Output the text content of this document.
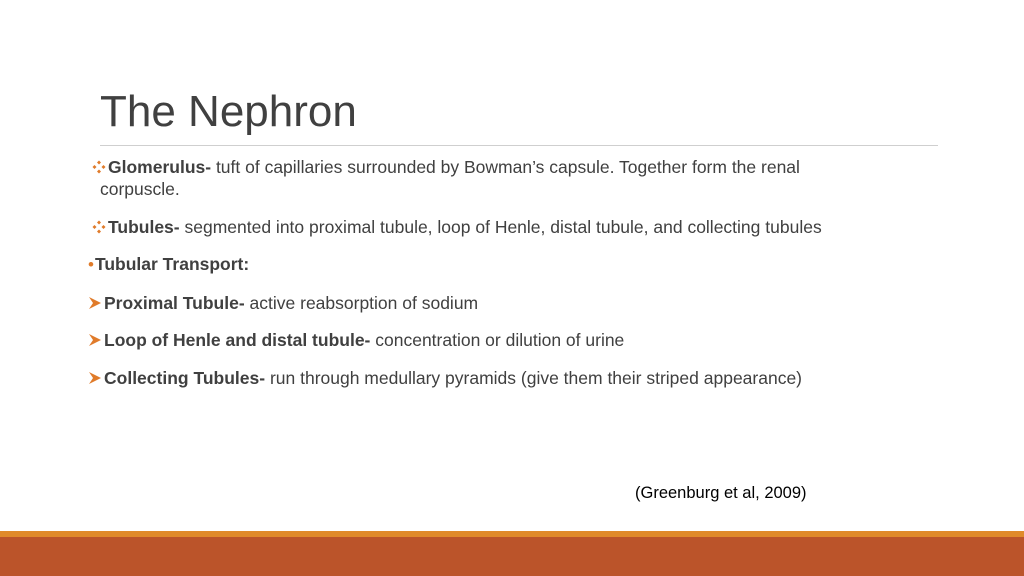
The Nephron
Glomerulus- tuft of capillaries surrounded by Bowman’s capsule. Together form the renal
corpuscle.
Tubules- segmented into proximal tubule, loop of Henle, distal tubule, and collecting tubules
•Tubular Transport:
Proximal Tubule- active reabsorption of sodium
Loop of Henle and distal tubule- concentration or dilution of urine
Collecting Tubules- run through medullary pyramids (give them their striped appearance)
(Greenburg et al, 2009)
